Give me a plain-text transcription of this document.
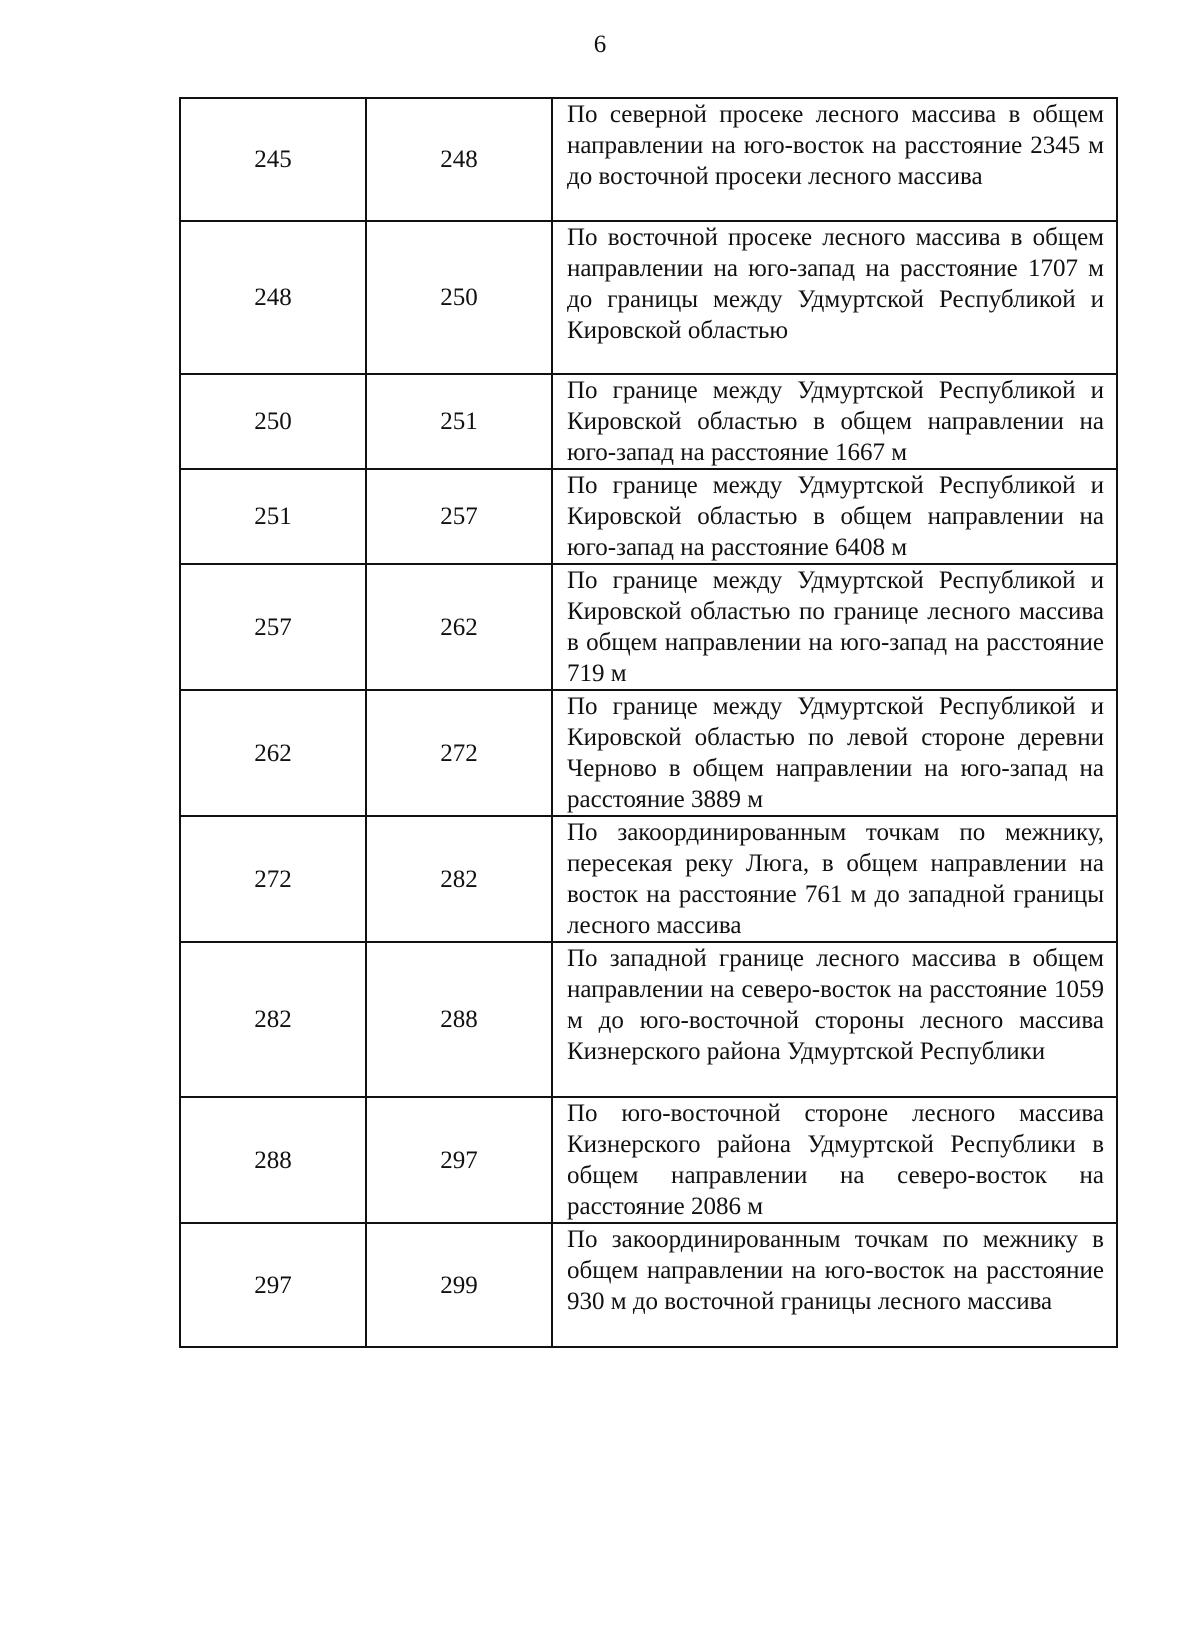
6
245	248	По северной просеке лесного массива в общем направлении на юго-восток на расстояние 2345 м до восточной просеки лесного массива
248	250	По восточной просеке лесного массива в общем направлении на юго-запад на расстояние 1707 м до границы между Удмуртской Республикой и Кировской областью
250	251	По границе между Удмуртской Республикой и Кировской областью в общем направлении на юго-запад на расстояние 1667 м
251	257	По границе между Удмуртской Республикой и Кировской областью в общем направлении на юго-запад на расстояние 6408 м
257	262	По границе между Удмуртской Республикой и Кировской областью по границе лесного массива в общем направлении на юго-запад на расстояние 719 м
262	272	По границе между Удмуртской Республикой и Кировской областью по левой стороне деревни Черново в общем направлении на юго-запад на расстояние 3889 м
272	282	По закоординированным точкам по межнику, пересекая реку Люга, в общем направлении на восток на расстояние 761 м до западной границы лесного массива
282	288	По западной границе лесного массива в общем направлении на северо-восток на расстояние 1059 м до юго-восточной стороны лесного массива Кизнерского района Удмуртской Республики
288	297	По юго-восточной стороне лесного массива Кизнерского района Удмуртской Республики в общем направлении на северо-восток на расстояние 2086 м
297	299	По закоординированным точкам по межнику в общем направлении на юго-восток на расстояние 930 м до восточной границы лесного массива
